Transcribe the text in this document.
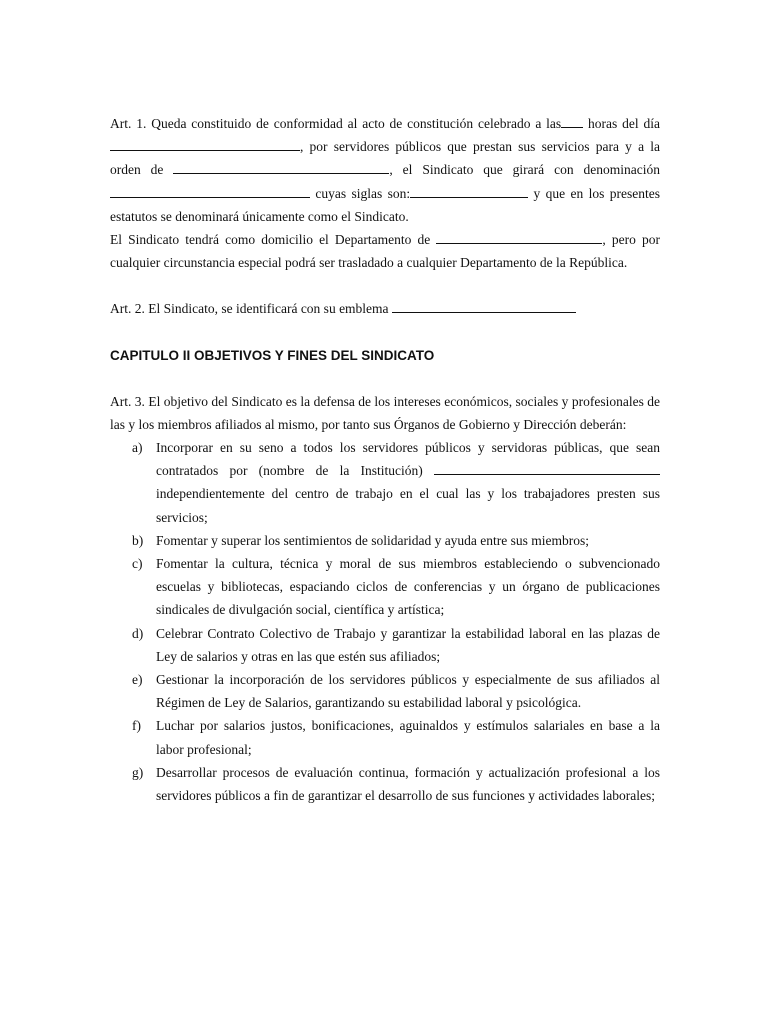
Art. 1. Queda constituido de conformidad al acto de constitución celebrado a las horas del día , por servidores públicos que prestan sus servicios para y a la orden de	, el Sindicato que girará con denominación  cuyas siglas son:	y que en los presentes estatutos se denominará únicamente como el Sindicato.

El Sindicato tendrá como domicilio el Departamento de	, pero por cualquier circunstancia especial podrá ser trasladado a cualquier Departamento de la República.

Art. 2. El Sindicato, se identificará con su emblema

CAPITULO II OBJETIVOS Y FINES DEL SINDICATO

Art. 3. El objetivo del Sindicato es la defensa de los intereses económicos, sociales y profesionales de las y los miembros afiliados al mismo, por tanto sus Órganos de Gobierno y Dirección deberán:

a) Incorporar en su seno a todos los servidores públicos y servidoras públicas, que sean contratados por (nombre de la Institución)  independientemente del centro de trabajo en el cual las y los trabajadores presten sus servicios;
b) Fomentar y superar los sentimientos de solidaridad y ayuda entre sus miembros;
c) Fomentar la cultura, técnica y moral de sus miembros estableciendo o subvencionado escuelas y bibliotecas, espaciando ciclos de conferencias y un órgano de publicaciones sindicales de divulgación social, científica y artística;
d) Celebrar Contrato Colectivo de Trabajo y garantizar la estabilidad laboral en las plazas de Ley de salarios y otras en las que estén sus afiliados;
e) Gestionar la incorporación de los servidores públicos y especialmente de sus afiliados al Régimen de Ley de Salarios, garantizando su estabilidad laboral y psicológica.
f) Luchar por salarios justos, bonificaciones, aguinaldos y estímulos salariales en base a la labor profesional;
g) Desarrollar procesos de evaluación continua, formación y actualización profesional a los servidores públicos a fin de garantizar el desarrollo de sus funciones y actividades laborales;
